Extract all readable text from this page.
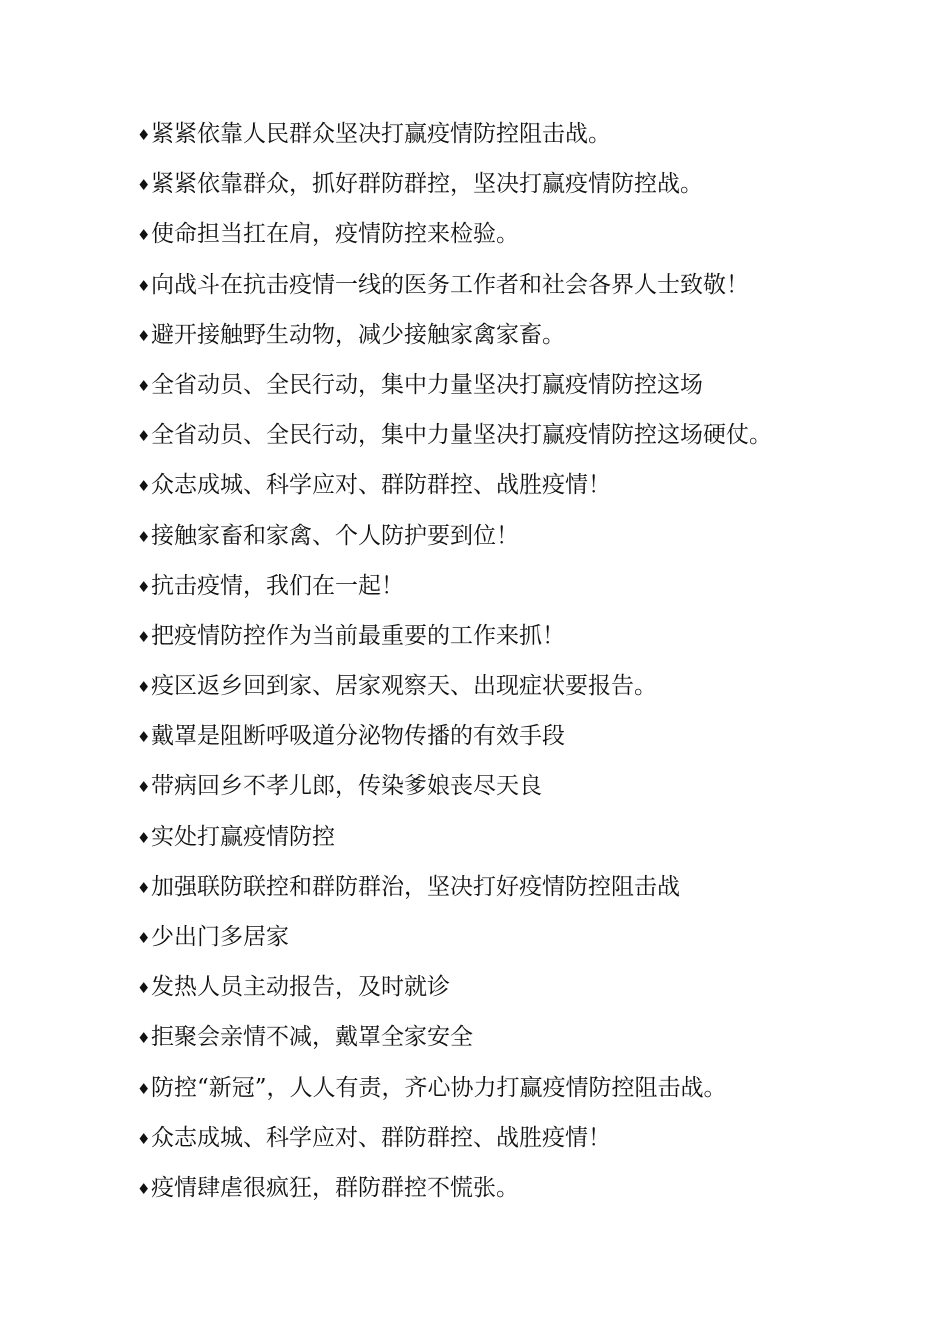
♦紧紧依靠人民群众坚决打赢疫情防控阻击战。
♦紧紧依靠群众，抓好群防群控，坚决打赢疫情防控战。
♦使命担当扛在肩，疫情防控来检验。
♦向战斗在抗击疫情一线的医务工作者和社会各界人士致敬！
♦避开接触野生动物，减少接触家禽家畜。
♦全省动员、全民行动，集中力量坚决打赢疫情防控这场
♦全省动员、全民行动，集中力量坚决打赢疫情防控这场硬仗。
♦众志成城、科学应对、群防群控、战胜疫情！
♦接触家畜和家禽、个人防护要到位！
♦抗击疫情，我们在一起！
♦把疫情防控作为当前最重要的工作来抓！
♦疫区返乡回到家、居家观察天、出现症状要报告。
♦戴罩是阻断呼吸道分泌物传播的有效手段
♦带病回乡不孝儿郎，传染爹娘丧尽天良
♦实处打赢疫情防控
♦加强联防联控和群防群治，坚决打好疫情防控阻击战
♦少出门多居家
♦发热人员主动报告，及时就诊
♦拒聚会亲情不减，戴罩全家安全
♦防控“新冠”，人人有责，齐心协力打赢疫情防控阻击战。
♦众志成城、科学应对、群防群控、战胜疫情！
♦疫情肆虐很疯狂，群防群控不慌张。
